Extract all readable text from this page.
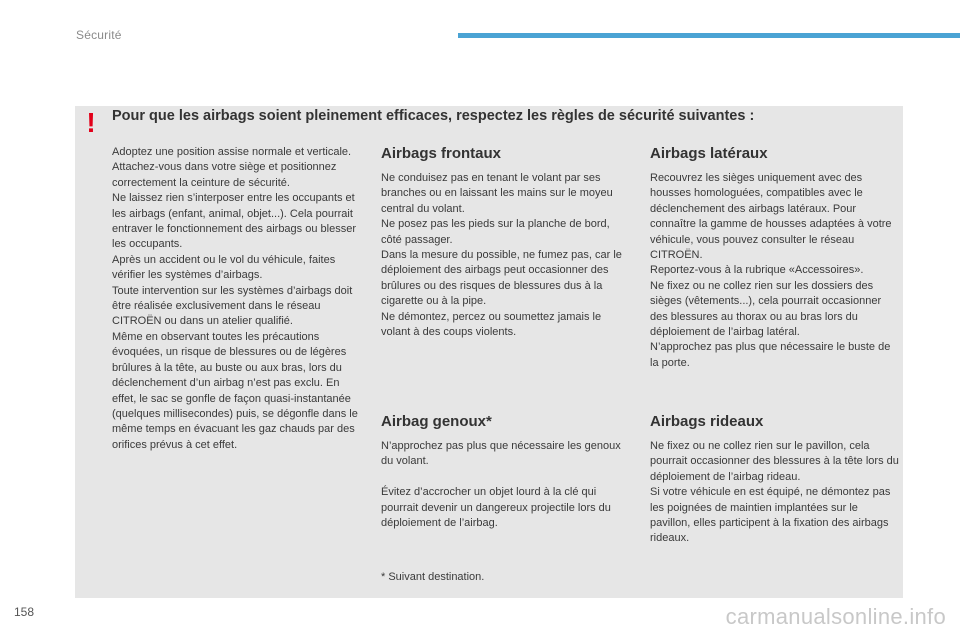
Sécurité
! Pour que les airbags soient pleinement efficaces, respectez les règles de sécurité suivantes :

Adoptez une position assise normale et verticale.

Attachez-vous dans votre siège et positionnez correctement la ceinture de sécurité.

Ne laissez rien s’interposer entre les occupants et les airbags (enfant, animal, objet...). Cela pourrait entraver le fonctionnement des airbags ou blesser les occupants.

Après un accident ou le vol du véhicule, faites vérifier les systèmes d’airbags.

Toute intervention sur les systèmes d’airbags doit être réalisée exclusivement dans le réseau CITROËN ou dans un atelier qualifié.

Même en observant toutes les précautions évoquées, un risque de blessures ou de légères brûlures à la tête, au buste ou aux bras, lors du déclenchement d’un airbag n’est pas exclu. En effet, le sac se gonfle de façon quasi-instantanée (quelques millisecondes) puis, se dégonfle dans le même temps en évacuant les gaz chauds par des orifices prévus à cet effet.

Airbags frontaux

Ne conduisez pas en tenant le volant par ses branches ou en laissant les mains sur le moyeu central du volant.

Ne posez pas les pieds sur la planche de bord, côté passager.

Dans la mesure du possible, ne fumez pas, car le déploiement des airbags peut occasionner des brûlures ou des risques de blessures dus à la cigarette ou à la pipe.

Ne démontez, percez ou soumettez jamais le volant à des coups violents.

Airbag genoux*

N’approchez pas plus que nécessaire les genoux du volant.

Évitez d’accrocher un objet lourd à la clé qui pourrait devenir un dangereux projectile lors du déploiement de l’airbag.

Airbags latéraux

Recouvrez les sièges uniquement avec des housses homologuées, compatibles avec le déclenchement des airbags latéraux. Pour connaître la gamme de housses adaptées à votre véhicule, vous pouvez consulter le réseau CITROËN.

Reportez-vous à la rubrique «Accessoires».

Ne fixez ou ne collez rien sur les dossiers des sièges (vêtements...), cela pourrait occasionner des blessures au thorax ou au bras lors du déploiement de l’airbag latéral.

N’approchez pas plus que nécessaire le buste de la porte.

Airbags rideaux

Ne fixez ou ne collez rien sur le pavillon, cela pourrait occasionner des blessures à la tête lors du déploiement de l’airbag rideau.

Si votre véhicule en est équipé, ne démontez pas les poignées de maintien implantées sur le pavillon, elles participent à la fixation des airbags rideaux.

* Suivant destination.
158	carmanualsonline.info
